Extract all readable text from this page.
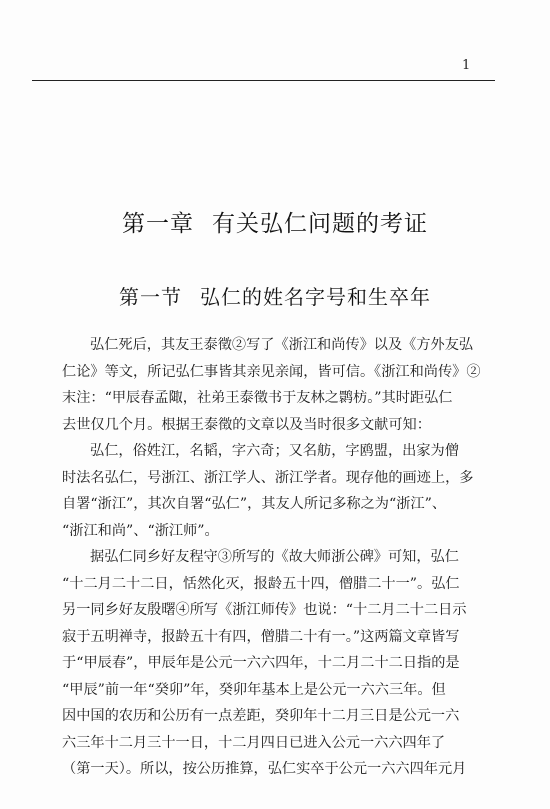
1
第一章 有关弘仁问题的考证
第一节 弘仁的姓名字号和生卒年
弘仁死后，其友王泰徵②写了《浙江和尚传》以及《方外友弘
仁论》等文，所记弘仁事皆其亲见亲闻，皆可信。《浙江和尚传》②
末注：“甲辰春孟陬，社弟王泰徵书于友林之鹮枋。”其时距弘仁
去世仅几个月。根据王泰徵的文章以及当时很多文献可知：
弘仁，俗姓江，名韬，字六奇；又名舫，字鸥盟，出家为僧
时法名弘仁，号浙江、浙江学人、浙江学者。现存他的画迹上，多
自署“浙江”，其次自署“弘仁”，其友人所记多称之为“浙江”、
“浙江和尚”、“浙江师”。
据弘仁同乡好友程守③所写的《故大师浙公碑》可知，弘仁
“十二月二十二日，恬然化灭，报龄五十四，僧腊二十一”。弘仁
另一同乡好友殷曙④所写《浙江师传》也说：“十二月二十二日示
寂于五明禅寺，报龄五十有四，僧腊二十有一。”这两篇文章皆写
于“甲辰春”，甲辰年是公元一六六四年，十二月二十二日指的是
“甲辰”前一年“癸卯”年，癸卯年基本上是公元一六六三年。但
因中国的农历和公历有一点差距，癸卯年十二月三日是公元一六
六三年十二月三十一日，十二月四日已进入公元一六六四年了
（第一天）。所以，按公历推算，弘仁实卒于公元一六六四年元月
